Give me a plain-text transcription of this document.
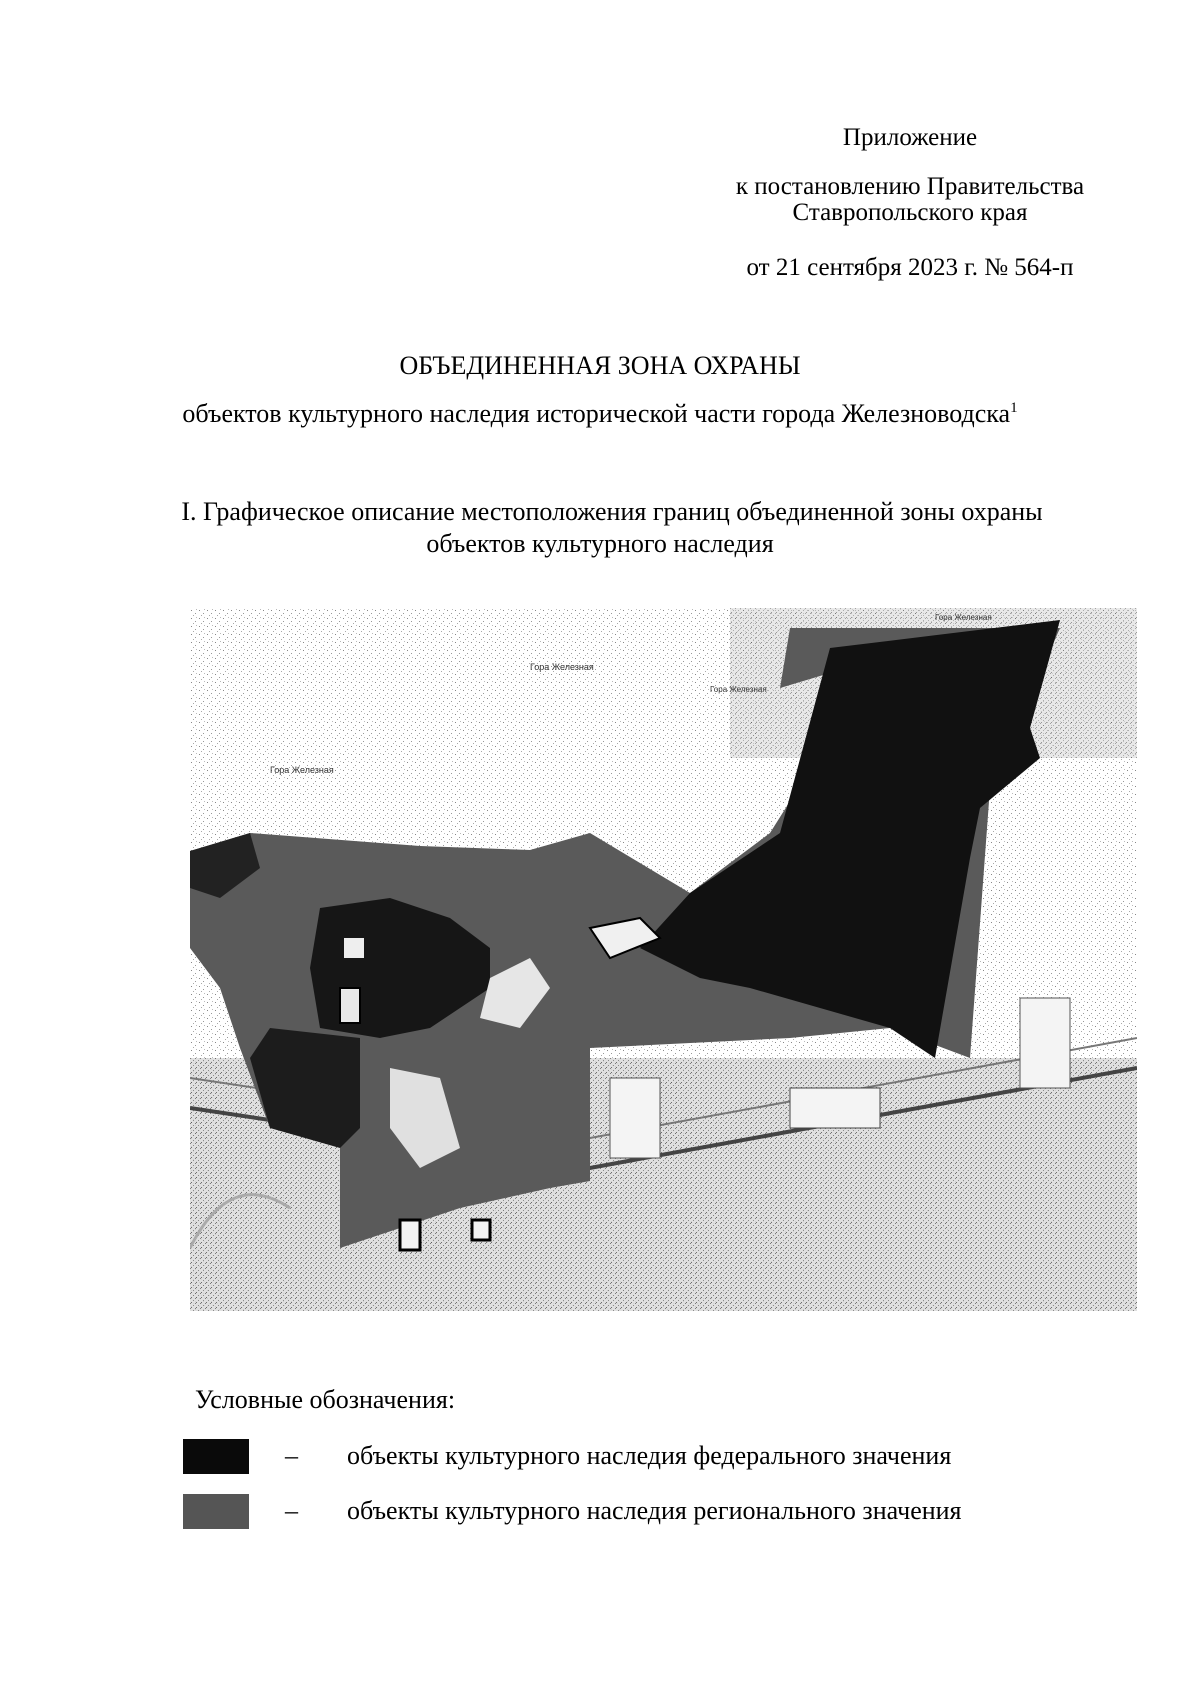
Приложение
к постановлению Правительства
Ставропольского края
от 21 сентября 2023 г. № 564-п
ОБЪЕДИНЕННАЯ ЗОНА ОХРАНЫ
объектов культурного наследия исторической части города Железноводска$^1$
I. Графическое описание местоположения границ объединенной зоны охраны
объектов культурного наследия
Гора Железная
Гора Железная
Гора Железная
Гора Железная
Условные обозначения:
– объекты культурного наследия федерального значения
– объекты культурного наследия регионального значения
